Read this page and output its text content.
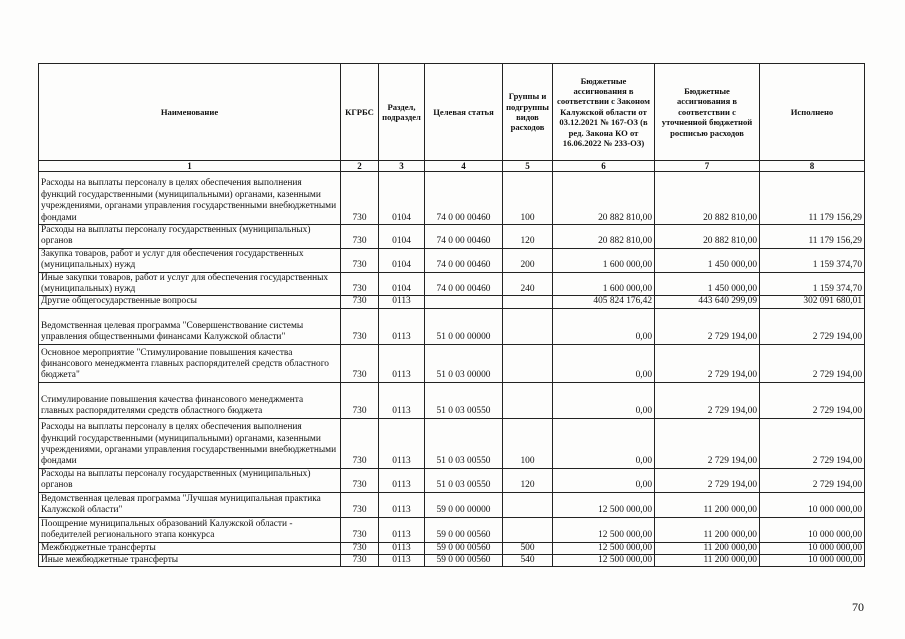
Наименование	КГРБС	Раздел, подраздел	Целевая статья	Группы и подгруппы видов расходов	Бюджетные ассигнования в соответствии с Законом Калужской области от 03.12.2021 № 167-ОЗ (в ред. Закона КО от 16.06.2022 № 233-ОЗ)	Бюджетные ассигнования в соответствии с уточненной бюджетной росписью расходов	Исполнено
1	2	3	4	5	6	7	8
Расходы на выплаты персоналу в целях обеспечения выполнения функций государственными (муниципальными) органами, казенными учреждениями, органами управления государственными внебюджетными фондами	730	0104	74 0 00 00460	100	20 882 810,00	20 882 810,00	11 179 156,29
Расходы на выплаты персоналу государственных (муниципальных) органов	730	0104	74 0 00 00460	120	20 882 810,00	20 882 810,00	11 179 156,29
Закупка товаров, работ и услуг для обеспечения государственных (муниципальных) нужд	730	0104	74 0 00 00460	200	1 600 000,00	1 450 000,00	1 159 374,70
Иные закупки товаров, работ и услуг для обеспечения государственных (муниципальных) нужд	730	0104	74 0 00 00460	240	1 600 000,00	1 450 000,00	1 159 374,70
Другие общегосударственные вопросы	730	0113			405 824 176,42	443 640 299,09	302 091 680,01
Ведомственная целевая программа "Совершенствование системы управления общественными финансами Калужской области"	730	0113	51 0 00 00000		0,00	2 729 194,00	2 729 194,00
Основное мероприятие "Стимулирование повышения качества финансового менеджмента главных распорядителей средств областного бюджета"	730	0113	51 0 03 00000		0,00	2 729 194,00	2 729 194,00
Стимулирование повышения качества финансового менеджмента главных распорядителями средств областного бюджета	730	0113	51 0 03 00550		0,00	2 729 194,00	2 729 194,00
Расходы на выплаты персоналу в целях обеспечения выполнения функций государственными (муниципальными) органами, казенными учреждениями, органами управления государственными внебюджетными фондами	730	0113	51 0 03 00550	100	0,00	2 729 194,00	2 729 194,00
Расходы на выплаты персоналу государственных (муниципальных) органов	730	0113	51 0 03 00550	120	0,00	2 729 194,00	2 729 194,00
Ведомственная целевая программа "Лучшая муниципальная практика Калужской области"	730	0113	59 0 00 00000		12 500 000,00	11 200 000,00	10 000 000,00
Поощрение муниципальных образований Калужской области - победителей регионального этапа конкурса	730	0113	59 0 00 00560		12 500 000,00	11 200 000,00	10 000 000,00
Межбюджетные трансферты	730	0113	59 0 00 00560	500	12 500 000,00	11 200 000,00	10 000 000,00
Иные межбюджетные трансферты	730	0113	59 0 00 00560	540	12 500 000,00	11 200 000,00	10 000 000,00
70
